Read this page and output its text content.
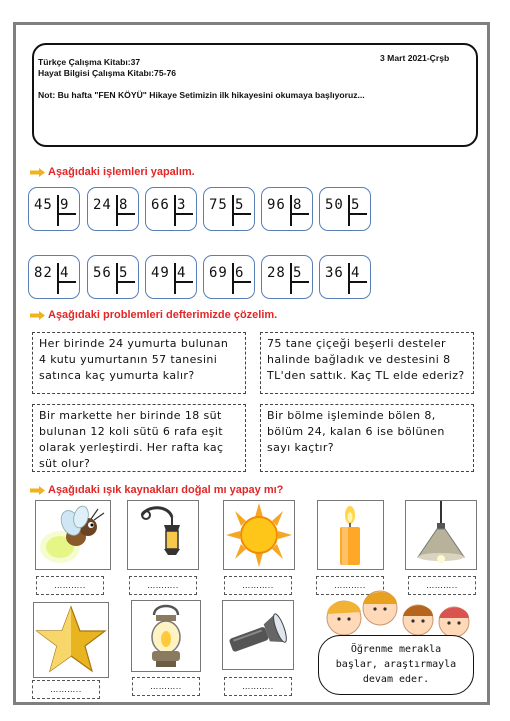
Türkçe Çalışma Kitabı:37
Hayat Bilgisi Çalışma Kitabı:75-76
3 Mart 2021-Çrşb
Not: Bu hafta "FEN KÖYÜ" Hikaye Setimizin ilk hikayesini okumaya başlıyoruz...
Aşağıdaki işlemleri yapalım.
45 9 24 8 66 3 75 5 96 8 50 5
82 4 56 5 49 4 69 6 28 5 36 4
Aşağıdaki problemleri defterimizde çözelim.
Her birinde 24 yumurta bulunan 4 kutu yumurtanın 57 tanesini satınca kaç yumurta kalır?
75 tane çiçeği beşerli desteler halinde bağladık ve destesini 8 TL'den sattık. Kaç TL elde ederiz?
Bir markette her birinde 18 süt bulunan 12 koli sütü 6 rafa eşit olarak yerleştirdi. Her rafta kaç süt olur?
Bir bölme işleminde bölen 8, bölüm 24, kalan 6 ise bölünen sayı kaçtır?
Aşağıdaki ışık kaynakları doğal mı yapay mı?
………..	………..	………..	………..	………..
………..	………..	………..
Öğrenme merakla
başlar, araştırmayla
devam eder.
